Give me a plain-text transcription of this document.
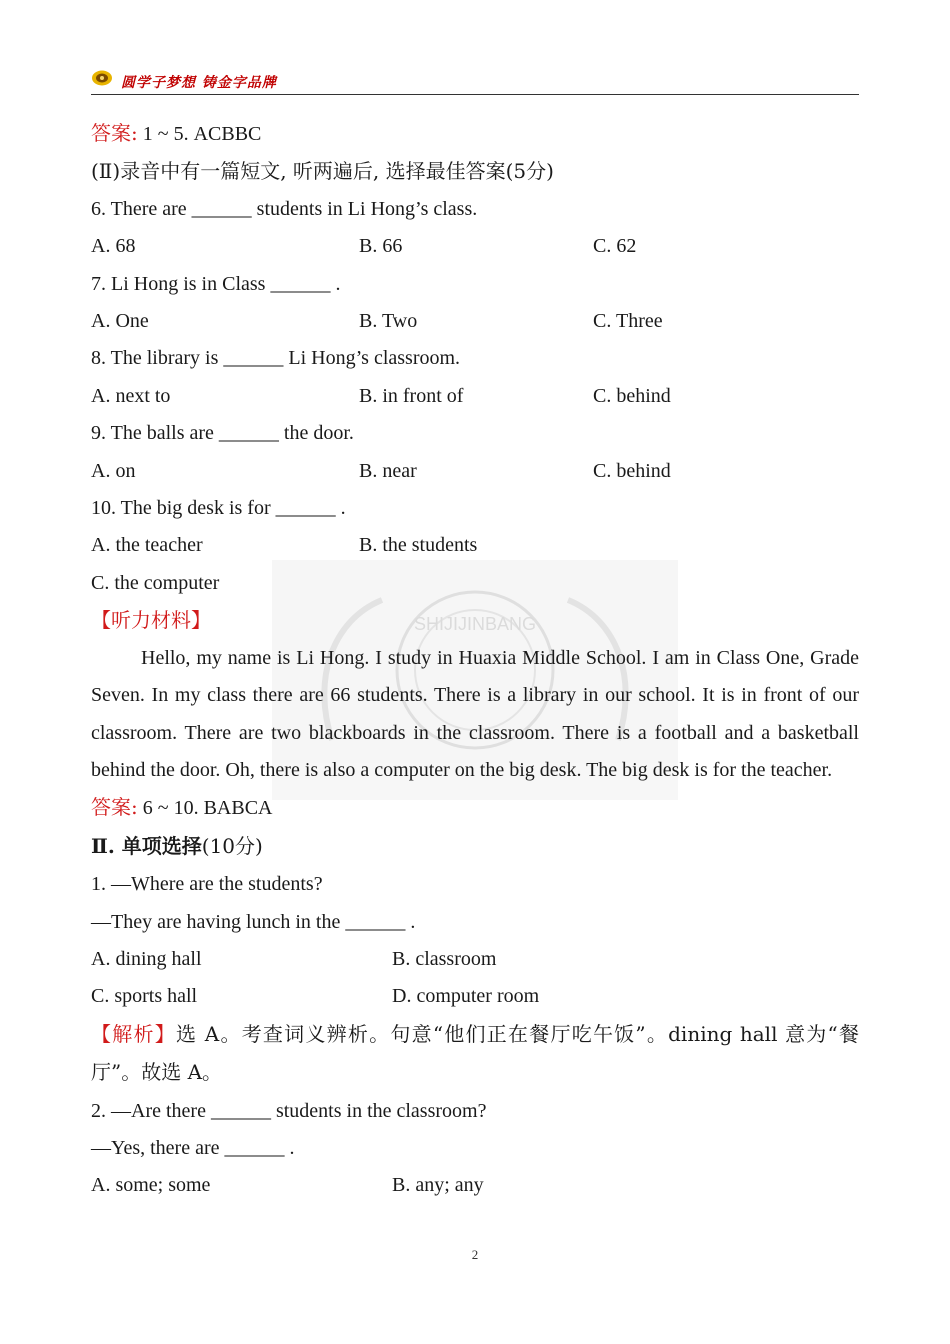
圆学子梦想 铸金字品牌
SHIJIJINBANG
答案: 1 ~ 5. ACBBC
(Ⅱ)录音中有一篇短文, 听两遍后, 选择最佳答案(5分)
6. There are ______ students in Li Hong’s class.
A. 68	B. 66	C. 62
7. Li Hong is in Class ______ .
A. One	B. Two	C. Three
8. The library is ______ Li Hong’s classroom.
A. next to	B. in front of	C. behind
9. The balls are ______ the door.
A. on	B. near	C. behind
10. The big desk is for ______ .
A. the teacher	B. the students
C. the computer
【听力材料】
Hello, my name is Li Hong. I study in Huaxia Middle School. I am in Class One, Grade Seven. In my class there are 66 students. There is a library in our school. It is in front of our classroom. There are two blackboards in the classroom. There is a football and a basketball behind the door. Oh, there is also a computer on the big desk. The big desk is for the teacher.
答案: 6 ~ 10. BABCA
Ⅱ. 单项选择(10分)
1. —Where are the students?
—They are having lunch in the ______ .
A. dining hall	B. classroom
C. sports hall	D. computer room
【解析】选 A。考查词义辨析。句意“他们正在餐厅吃午饭”。dining hall 意为“餐厅”。故选 A。
2. —Are there ______ students in the classroom?
—Yes, there are ______ .
A. some; some	B. any; any
2
